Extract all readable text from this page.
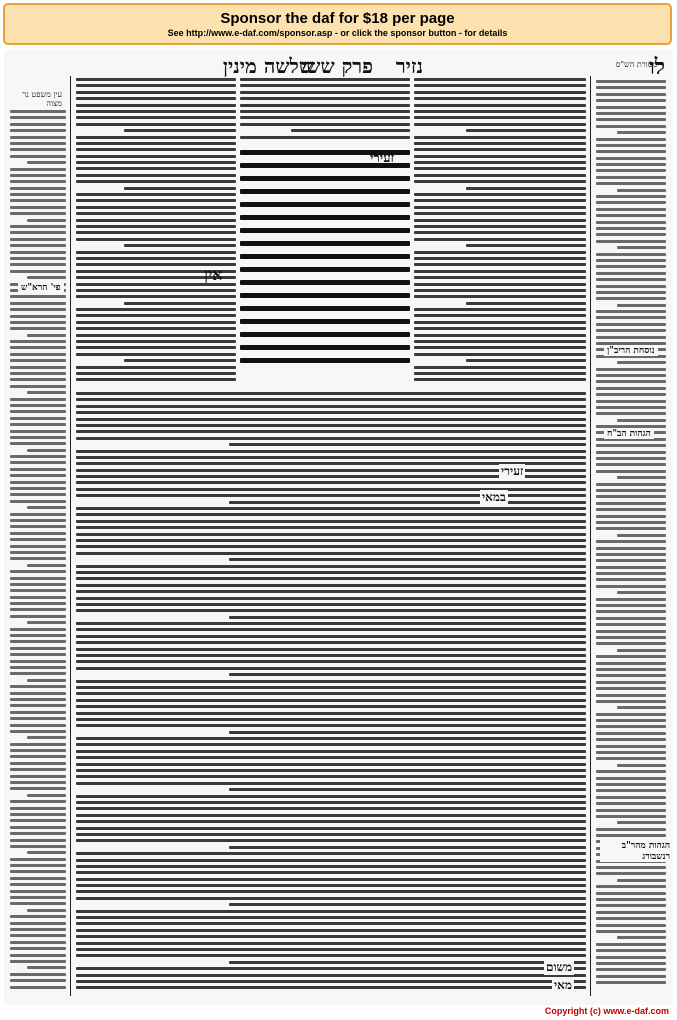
Sponsor the daf for $18 per page
See http://www.e-daf.com/sponsor.asp - or click the sponsor button - for details
לו
נזיר
פרק ששי
שלשה מינין	מסורת הש"ס
עין משפט נר מצוה
פי' הרא"ש
נוסחת הריב"ן
הגהות הב"ח
הגהות מהר"ב רנשבורג
זעירי
אין
זעירי
במאי
משום
מאי
Copyright (c) www.e-daf.com
